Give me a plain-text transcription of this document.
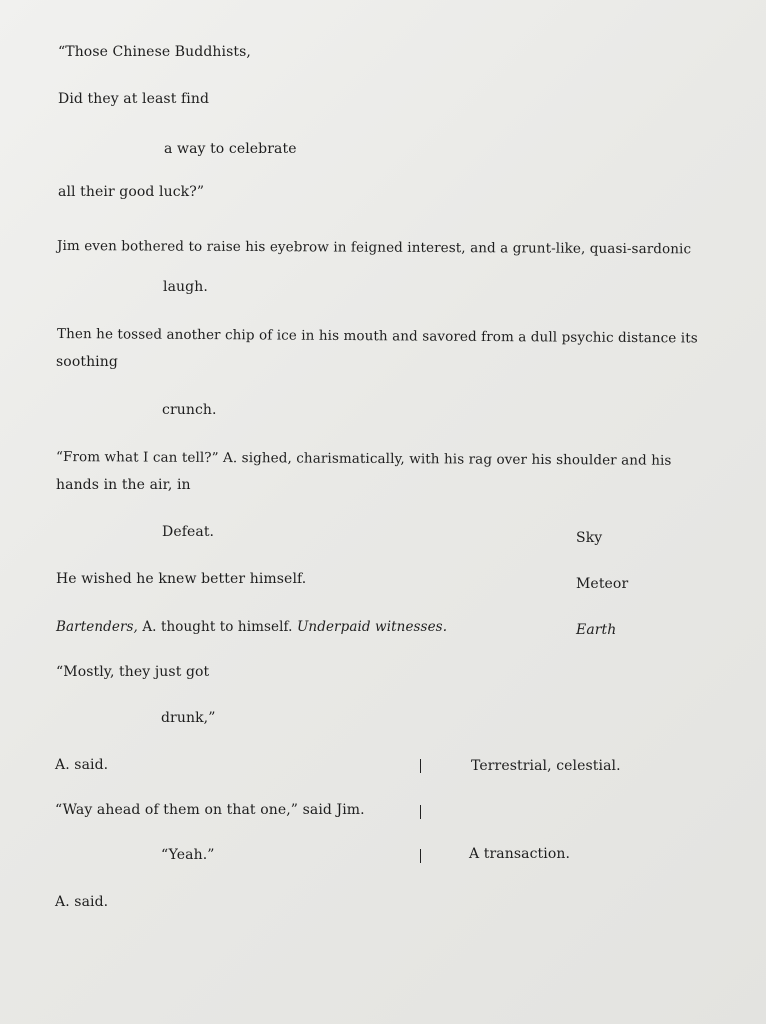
“Those Chinese Buddhists,
Did they at least find
a way to celebrate
all their good luck?”
Jim even bothered to raise his eyebrow in feigned interest, and a grunt-like, quasi-sardonic
laugh.
Then he tossed another chip of ice in his mouth and savored from a dull psychic distance its
soothing
crunch.
“From what I can tell?” A. sighed, charismatically, with his rag over his shoulder and his
hands in the air, in
Defeat.
He wished he knew better himself.
Bartenders, A. thought to himself. Underpaid witnesses.
“Mostly, they just got
drunk,”
A. said.
“Way ahead of them on that one,” said Jim.
“Yeah.”
A. said.
Sky
Meteor
Earth
Terrestrial, celestial.
A transaction.
